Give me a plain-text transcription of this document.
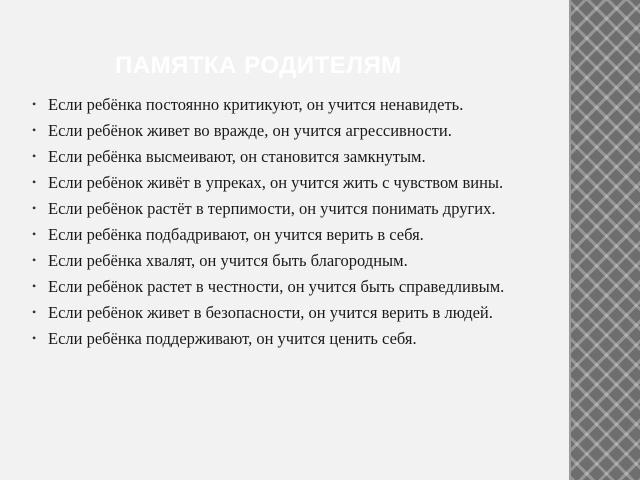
ПАМЯТКА РОДИТЕЛЯМ
• Если ребёнка постоянно критикуют, он учится ненавидеть.
• Если ребёнок живет во вражде, он учится агрессивности.
• Если ребёнка высмеивают, он становится замкнутым.
• Если ребёнок живёт в упреках, он учится жить с чувством вины.
• Если ребёнок растёт в терпимости, он учится понимать других.
• Если ребёнка подбадривают, он учится верить в себя.
• Если ребёнка хвалят, он учится быть благородным.
• Если ребёнок растет в честности, он учится быть справедливым.
• Если ребёнок живет в безопасности, он учится верить в людей.
• Если ребёнка поддерживают, он учится ценить себя.
